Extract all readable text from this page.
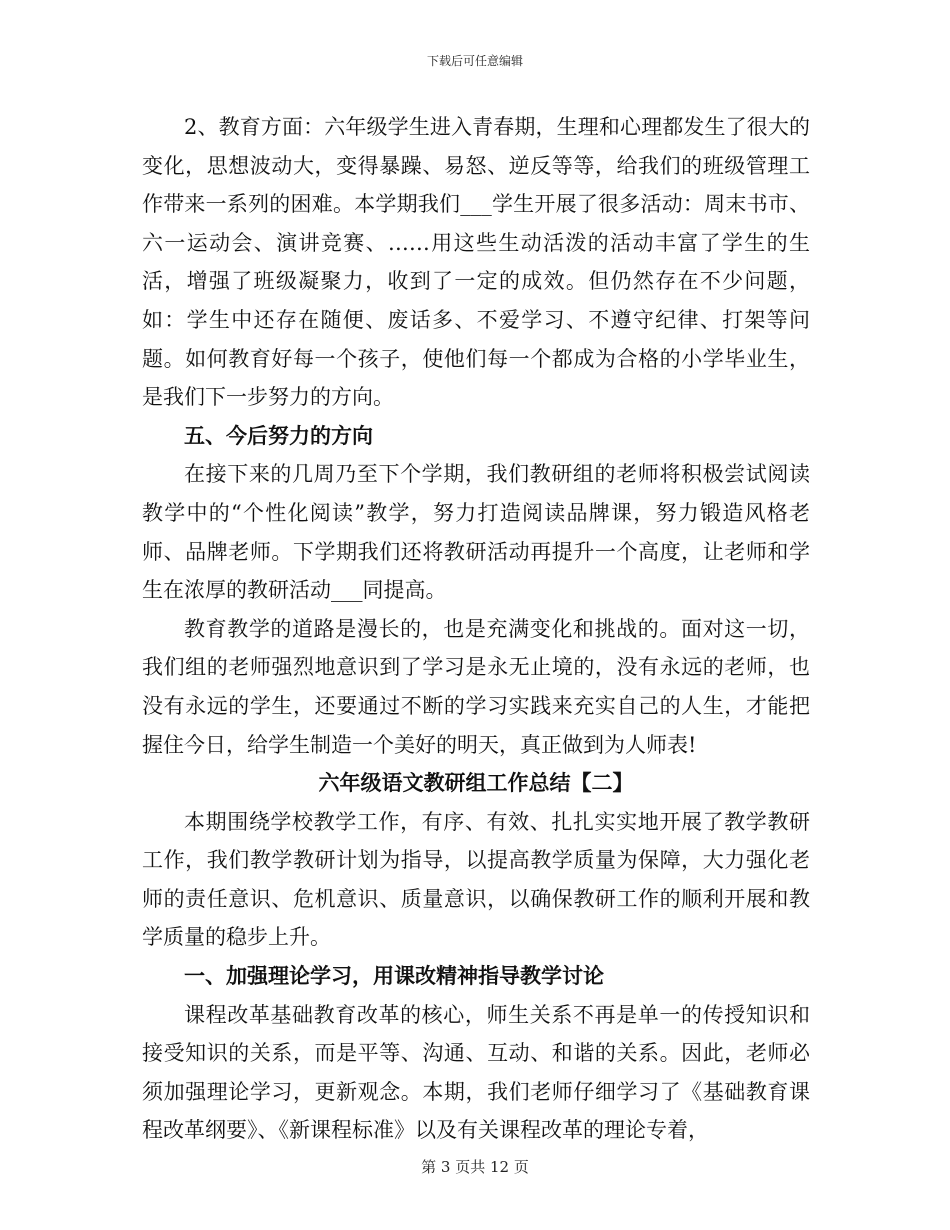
下载后可任意编辑

2、教育方面：六年级学生进入青春期，生理和心理都发生了很大的变化，思想波动大，变得暴躁、易怒、逆反等等，给我们的班级管理工作带来一系列的困难。本学期我们___学生开展了很多活动：周末书市、六一运动会、演讲竞赛、……用这些生动活泼的活动丰富了学生的生活，增强了班级凝聚力，收到了一定的成效。但仍然存在不少问题，如：学生中还存在随便、废话多、不爱学习、不遵守纪律、打架等问题。如何教育好每一个孩子，使他们每一个都成为合格的小学毕业生，是我们下一步努力的方向。

五、今后努力的方向

在接下来的几周乃至下个学期，我们教研组的老师将积极尝试阅读教学中的“个性化阅读”教学，努力打造阅读品牌课，努力锻造风格老师、品牌老师。下学期我们还将教研活动再提升一个高度，让老师和学生在浓厚的教研活动___同提高。

教育教学的道路是漫长的，也是充满变化和挑战的。面对这一切，我们组的老师强烈地意识到了学习是永无止境的，没有永远的老师，也没有永远的学生，还要通过不断的学习实践来充实自己的人生，才能把握住今日，给学生制造一个美好的明天，真正做到为人师表!

六年级语文教研组工作总结【二】

本期围绕学校教学工作，有序、有效、扎扎实实地开展了教学教研工作，我们教学教研计划为指导，以提高教学质量为保障，大力强化老师的责任意识、危机意识、质量意识，以确保教研工作的顺利开展和教学质量的稳步上升。

一、加强理论学习，用课改精神指导教学讨论

课程改革基础教育改革的核心，师生关系不再是单一的传授知识和接受知识的关系，而是平等、沟通、互动、和谐的关系。因此，老师必须加强理论学习，更新观念。本期，我们老师仔细学习了《基础教育课程改革纲要》、《新课程标准》以及有关课程改革的理论专着，

第 3 页共 12 页
